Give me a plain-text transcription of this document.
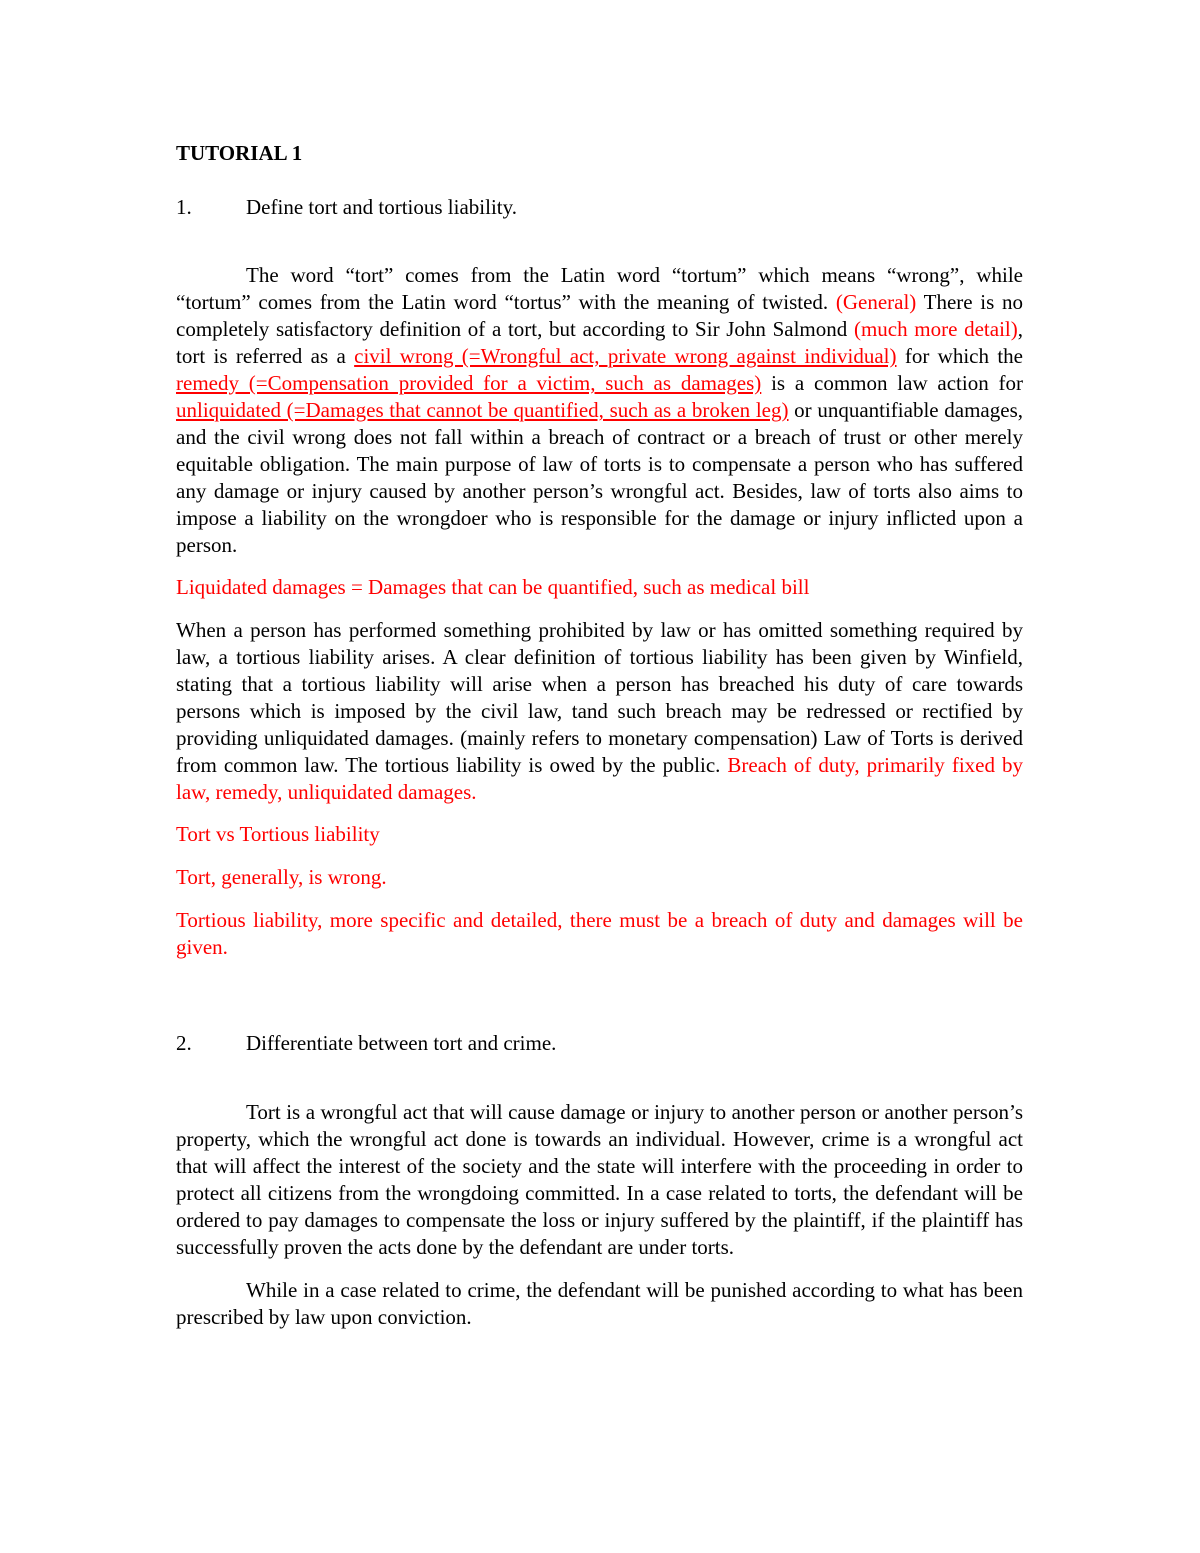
TUTORIAL 1

1.	Define tort and tortious liability.

The word “tort” comes from the Latin word “tortum” which means “wrong”, while “tortum” comes from the Latin word “tortus” with the meaning of twisted. (General) There is no completely satisfactory definition of a tort, but according to Sir John Salmond (much more detail), tort is referred as a civil wrong (=Wrongful act, private wrong against individual) for which the remedy (=Compensation provided for a victim, such as damages) is a common law action for unliquidated (=Damages that cannot be quantified, such as a broken leg) or unquantifiable damages, and the civil wrong does not fall within a breach of contract or a breach of trust or other merely equitable obligation. The main purpose of law of torts is to compensate a person who has suffered any damage or injury caused by another person’s wrongful act. Besides, law of torts also aims to impose a liability on the wrongdoer who is responsible for the damage or injury inflicted upon a person.

Liquidated damages = Damages that can be quantified, such as medical bill

When a person has performed something prohibited by law or has omitted something required by law, a tortious liability arises. A clear definition of tortious liability has been given by Winfield, stating that a tortious liability will arise when a person has breached his duty of care towards persons which is imposed by the civil law, tand such breach may be redressed or rectified by providing unliquidated damages. (mainly refers to monetary compensation) Law of Torts is derived from common law. The tortious liability is owed by the public. Breach of duty, primarily fixed by law, remedy, unliquidated damages.

Tort vs Tortious liability

Tort, generally, is wrong.

Tortious liability, more specific and detailed, there must be a breach of duty and damages will be given.

2.	Differentiate between tort and crime.

Tort is a wrongful act that will cause damage or injury to another person or another person’s property, which the wrongful act done is towards an individual. However, crime is a wrongful act that will affect the interest of the society and the state will interfere with the proceeding in order to protect all citizens from the wrongdoing committed. In a case related to torts, the defendant will be ordered to pay damages to compensate the loss or injury suffered by the plaintiff, if the plaintiff has successfully proven the acts done by the defendant are under torts.

While in a case related to crime, the defendant will be punished according to what has been prescribed by law upon conviction.
